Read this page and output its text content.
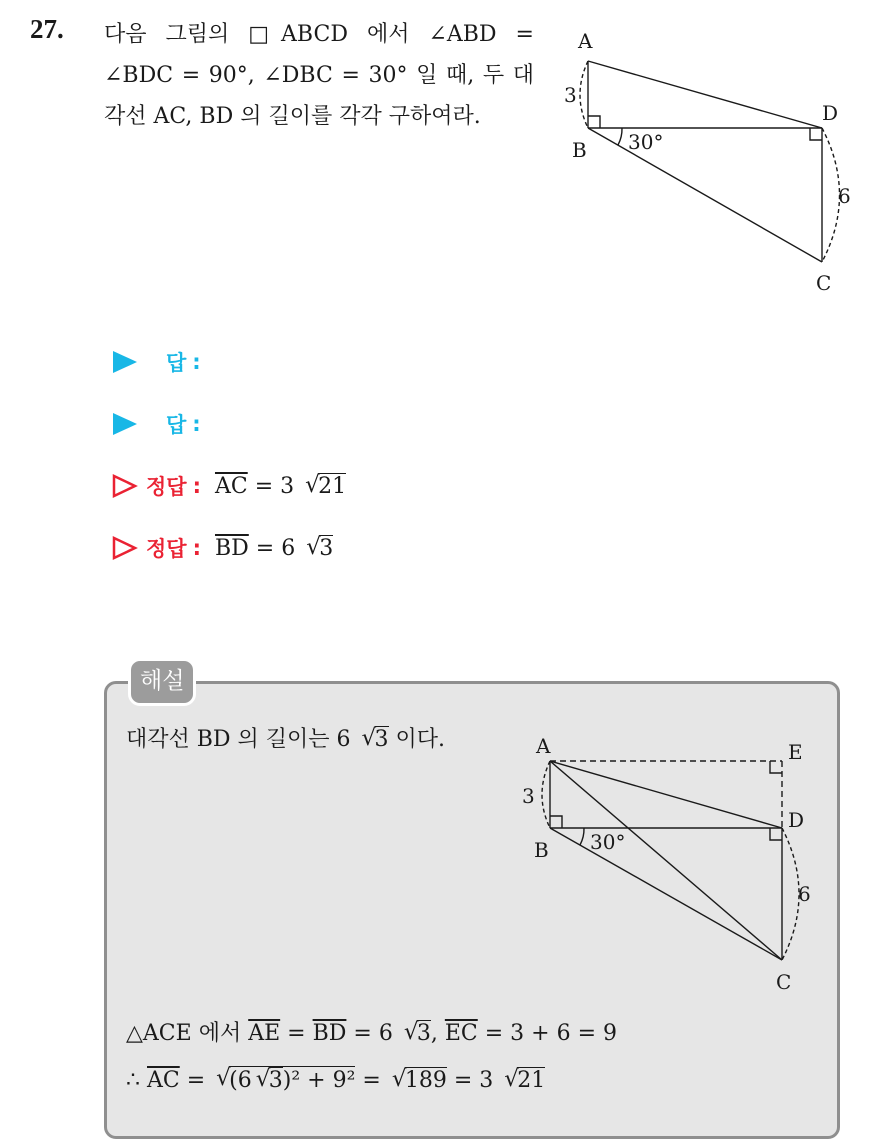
27. 다음 그림의 □ABCD 에서 ∠ABD = ∠BDC = 90°, ∠DBC = 30° 일 때, 두 대각선 AC, BD 의 길이를 각각 구하여라.
A
B
D
C
3
6
30°
답 :
답 :
정답 : $\overline{AC} = 3$ √ 21
정답 : $\overline{BD} = 6$ √ 3
해설
대각선 BD 의 길이는 6 √ 3 이다.	A	E
B
D
C
3
6
30°
△ACE 에서 $\overline{AE} = \overline{BD} = 6$ √ 3, $\overline{EC} = 3 + 6 = 9$
∴ $\overline{AC}$ = √ (6 √ 3)² + 9² = √ 189 = 3 √ 21
